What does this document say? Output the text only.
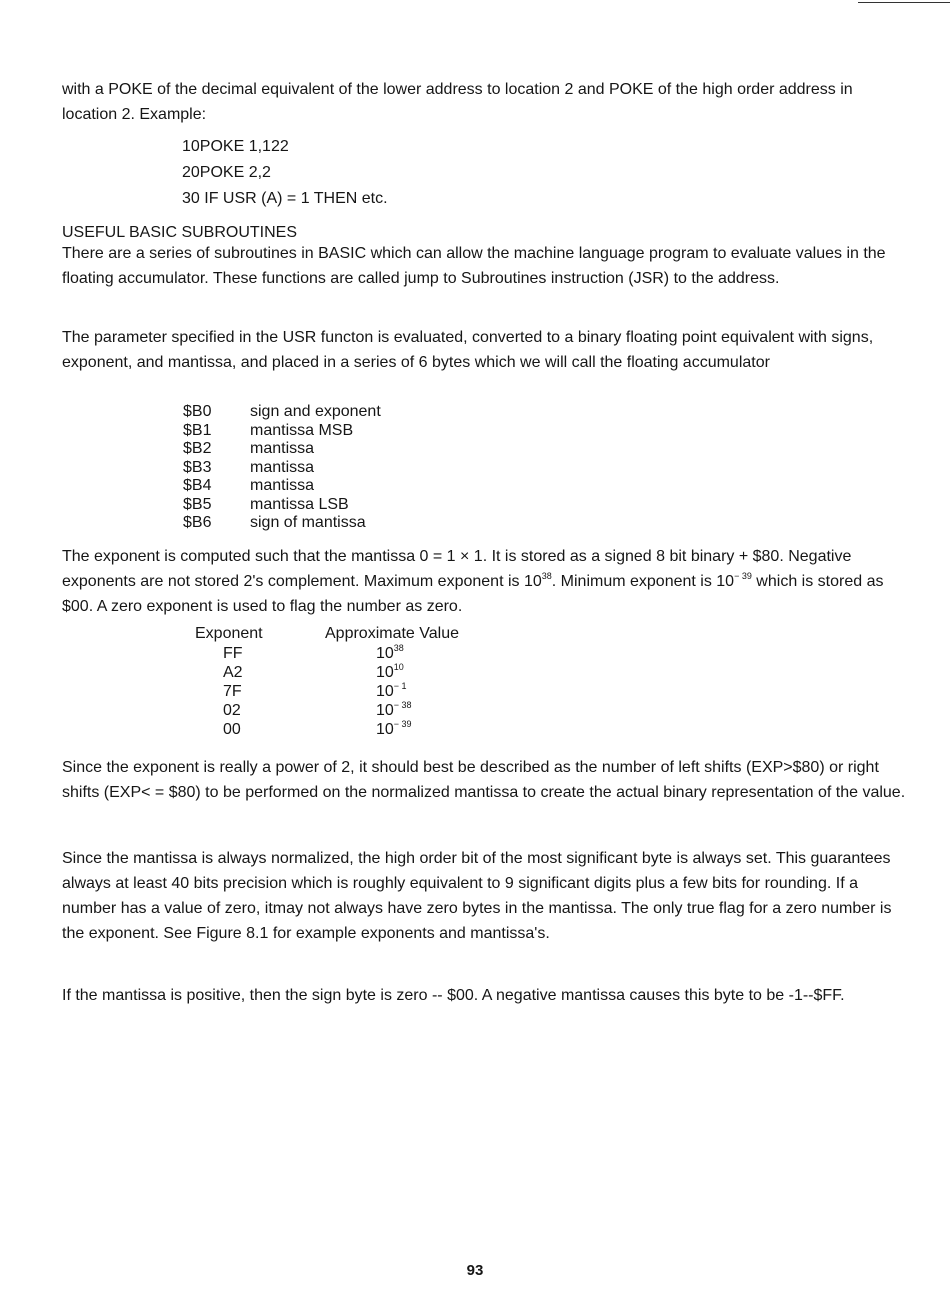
with a POKE of the decimal equivalent of the lower address to location 2 and POKE of the high order address in location 2. Example:

10POKE 1,122
20POKE 2,2
30 IF USR (A) = 1 THEN etc.
USEFUL BASIC SUBROUTINES

There are a series of subroutines in BASIC which can allow the machine language program to evaluate values in the floating accumulator. These functions are called jump to Subroutines instruction (JSR) to the address.

The parameter specified in the USR functon is evaluated, converted to a binary floating point equivalent with signs, exponent, and mantissa, and placed in a series of 6 bytes which we will call the floating accumulator

$B0	sign and exponent
$B1	mantissa MSB
$B2	mantissa
$B3	mantissa
$B4	mantissa
$B5	mantissa LSB
$B6	sign of mantissa

The exponent is computed such that the mantissa 0 = 1 × 1. It is stored as a signed 8 bit binary + $80. Negative exponents are not stored 2's complement. Maximum exponent is $10^{38}$. Minimum exponent is $10^{- 39}$ which is stored as $00. A zero exponent is used to flag the number as zero.

Exponent	Approximate Value
FF	$10^{38}$
A2	$10^{10}$
7F	$10^{- 1}$
02	$10^{- 38}$
00	$10^{- 39}$

Since the exponent is really a power of 2, it should best be described as the number of left shifts (EXP>$80) or right shifts (EXP< = $80) to be performed on the normalized mantissa to create the actual binary representation of the value.

Since the mantissa is always normalized, the high order bit of the most significant byte is always set. This guarantees always at least 40 bits precision which is roughly equivalent to 9 significant digits plus a few bits for rounding. If a number has a value of zero, itmay not always have zero bytes in the mantissa. The only true flag for a zero number is the exponent. See Figure 8.1 for example exponents and mantissa's.

If the mantissa is positive, then the sign byte is zero -- $00. A negative mantissa causes this byte to be -1--$FF.

93
